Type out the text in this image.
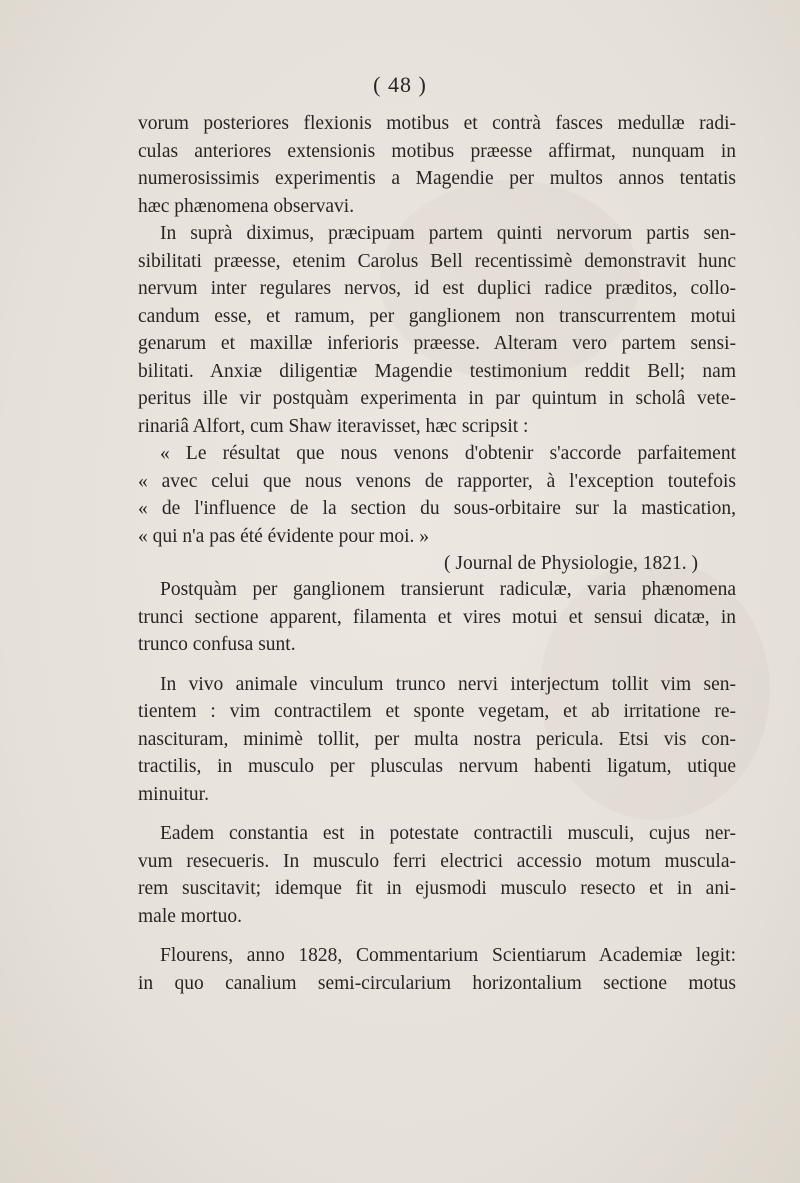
( 48 )
vorum posteriores flexionis motibus et contrà fasces medullæ radi-
culas anteriores extensionis motibus præesse affirmat, nunquam in
numerosissimis experimentis a Magendie per multos annos tentatis
hæc phænomena observavi.
In suprà diximus, præcipuam partem quinti nervorum partis sen-
sibilitati præesse, etenim Carolus Bell recentissimè demonstravit hunc
nervum inter regulares nervos, id est duplici radice præditos, collo-
candum esse, et ramum, per ganglionem non transcurrentem motui
genarum et maxillæ inferioris præesse. Alteram vero partem sensi-
bilitati. Anxiæ diligentiæ Magendie testimonium reddit Bell; nam
peritus ille vir postquàm experimenta in par quintum in scholâ vete-
rinariâ Alfort, cum Shaw iteravisset, hæc scripsit :
« Le résultat que nous venons d'obtenir s'accorde parfaitement
« avec celui que nous venons de rapporter, à l'exception toutefois
« de l'influence de la section du sous-orbitaire sur la mastication,
« qui n'a pas été évidente pour moi. »
( Journal de Physiologie, 1821. )
Postquàm per ganglionem transierunt radiculæ, varia phænomena
trunci sectione apparent, filamenta et vires motui et sensui dicatæ, in
trunco confusa sunt.
In vivo animale vinculum trunco nervi interjectum tollit vim sen-
tientem : vim contractilem et sponte vegetam, et ab irritatione re-
nascituram, minimè tollit, per multa nostra pericula. Etsi vis con-
tractilis, in musculo per plusculas nervum habenti ligatum, utique
minuitur.
Eadem constantia est in potestate contractili musculi, cujus ner-
vum resecueris. In musculo ferri electrici accessio motum muscula-
rem suscitavit; idemque fit in ejusmodi musculo resecto et in ani-
male mortuo.
Flourens, anno 1828, Commentarium Scientiarum Academiæ legit:
in quo canalium semi-circularium horizontalium sectione motus
